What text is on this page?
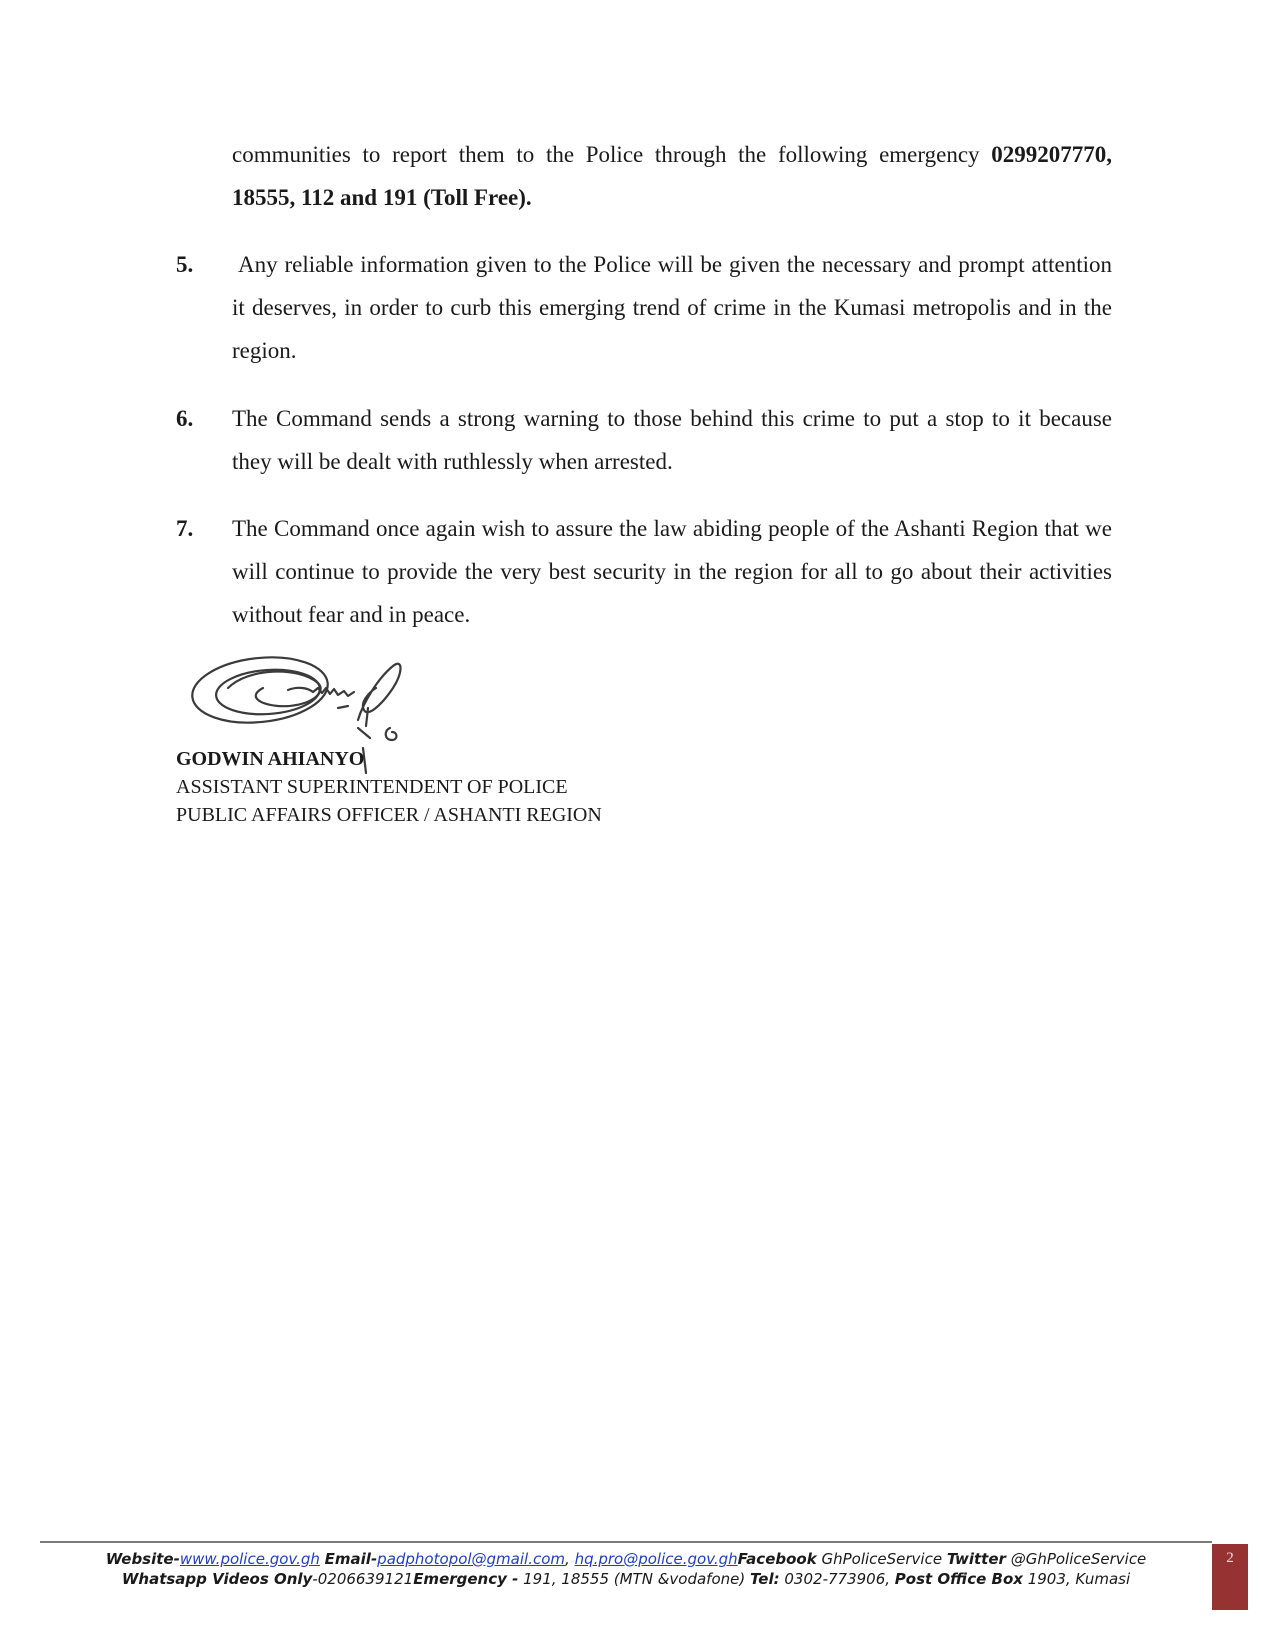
communities to report them to the Police through the following emergency 0299207770, 18555, 112 and 191 (Toll Free).
5. Any reliable information given to the Police will be given the necessary and prompt attention it deserves, in order to curb this emerging trend of crime in the Kumasi metropolis and in the region.
6. The Command sends a strong warning to those behind this crime to put a stop to it because they will be dealt with ruthlessly when arrested.
7. The Command once again wish to assure the law abiding people of the Ashanti Region that we will continue to provide the very best security in the region for all to go about their activities without fear and in peace.
GODWIN AHIANYO
ASSISTANT SUPERINTENDENT OF POLICE
PUBLIC AFFAIRS OFFICER / ASHANTI REGION
Website-www.police.gov.gh Email-padphotopol@gmail.com, hq.pro@police.gov.ghFacebook GhPoliceService Twitter @GhPoliceService
Whatsapp Videos Only-0206639121Emergency - 191, 18555 (MTN &vodafone) Tel: 0302-773906, Post Office Box 1903, Kumasi
2
